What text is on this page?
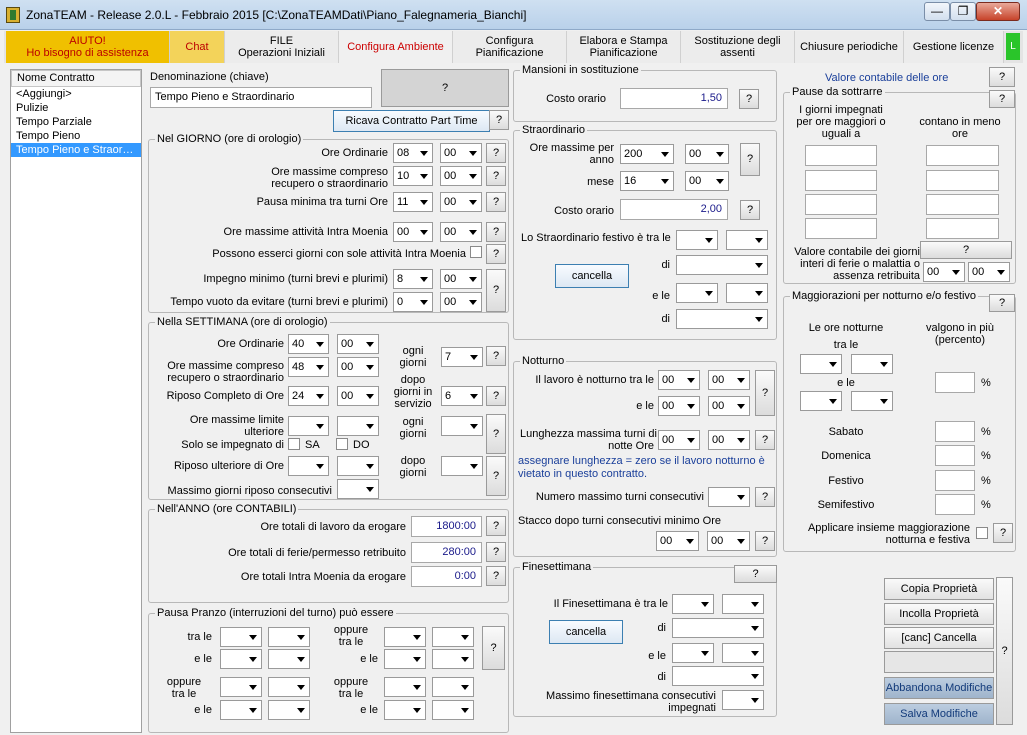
ZonaTEAM - Release 2.0.L - Febbraio 2015 [C:\ZonaTEAMDati\Piano_Falegnameria_Bianchi]	—	❐	✕
AIUTO!
Ho bisogno di assistenza	Chat	FILE
Operazioni Iniziali Configura Ambiente	Configura
Pianificazione
Elabora e Stampa
Pianificazione
Sostituzione degli
assenti	Chiusure periodiche Gestione licenze	L
Nome Contratto
<Aggiungi>
Pulizie
Tempo Parziale
Tempo Pieno
Tempo Pieno e Straor…
Denominazione (chiave)
Tempo Pieno e Straordinario
?
Ricava Contratto Part Time	?
Nel GIORNO (ore di orologio)
Ore Ordinarie 08	00	?
Ore massime compreso
recupero o straordinario
10	00	?
Pausa minima tra turni Ore 11	00	?
Ore massime attività Intra Moenia 00	00	?
Possono esserci giorni con sole attività Intra Moenia	?
Impegno minimo (turni brevi e plurimi) 8	00
Tempo vuoto da evitare (turni brevi e plurimi) 0	00
?
Nella SETTIMANA (ore di orologio)
Ore Ordinarie 40	00
Ore massime compreso
recupero o straordinario
48	00
Riposo Completo di Ore 24	00
Ore massime limite
ulteriore
Solo se impegnato di SA	DO
Riposo ulteriore di Ore
Massimo giorni riposo consecutivi
ogni
giorni	7	?
dopo
giorni in
servizio
6	?
ogni
giorni	?
dopo
giorni	?
Nell'ANNO (ore CONTABILI)
Ore totali di lavoro da erogare	1800:00	?
Ore totali di ferie/permesso retribuito	280:00	?
Ore totali Intra Moenia da erogare	0:00	?
Pausa Pranzo (interruzioni del turno) può essere
tra le
e le
oppure
tra le
e le
oppure
tra le
e le
oppure
tra le
e le
?
Mansioni in sostituzione
Costo orario	1,50	?
Straordinario
Ore massime per
anno 200	00
mese 16	00
?
Costo orario	2,00	?
Lo Straordinario festivo è tra le
di
cancella
e le
di
Notturno
Il lavoro è notturno tra le 00	00
e le 00	00
?
Lunghezza massima turni di
notte Ore 00	00	?
assegnare lunghezza = zero se il lavoro notturno è
vietato in questo contratto.
Numero massimo turni consecutivi	?
Stacco dopo turni consecutivi minimo Ore
00	00	?
Finesettimana
?
Il Finesettimana è tra le
di
cancella
e le
di
Massimo finesettimana consecutivi
impegnati
Valore contabile delle ore	?
Pause da sottrarre
?
I giorni impegnati
per ore maggiori o
uguali a
contano in meno
ore
Valore contabile dei giorni
interi di ferie o malattia o
assenza retribuita
?
00	00
Maggiorazioni per notturno e/o festivo
?
Le ore notturne
tra le
e le
valgono in più
(percento)
%
Sabato	%
Domenica	%
Festivo	%
Semifestivo	%
Applicare insieme maggiorazione
notturna e festiva
?
Copia Proprietà
Incolla Proprietà
[canc] Cancella
Abbandona Modifiche
Salva Modifiche
?
